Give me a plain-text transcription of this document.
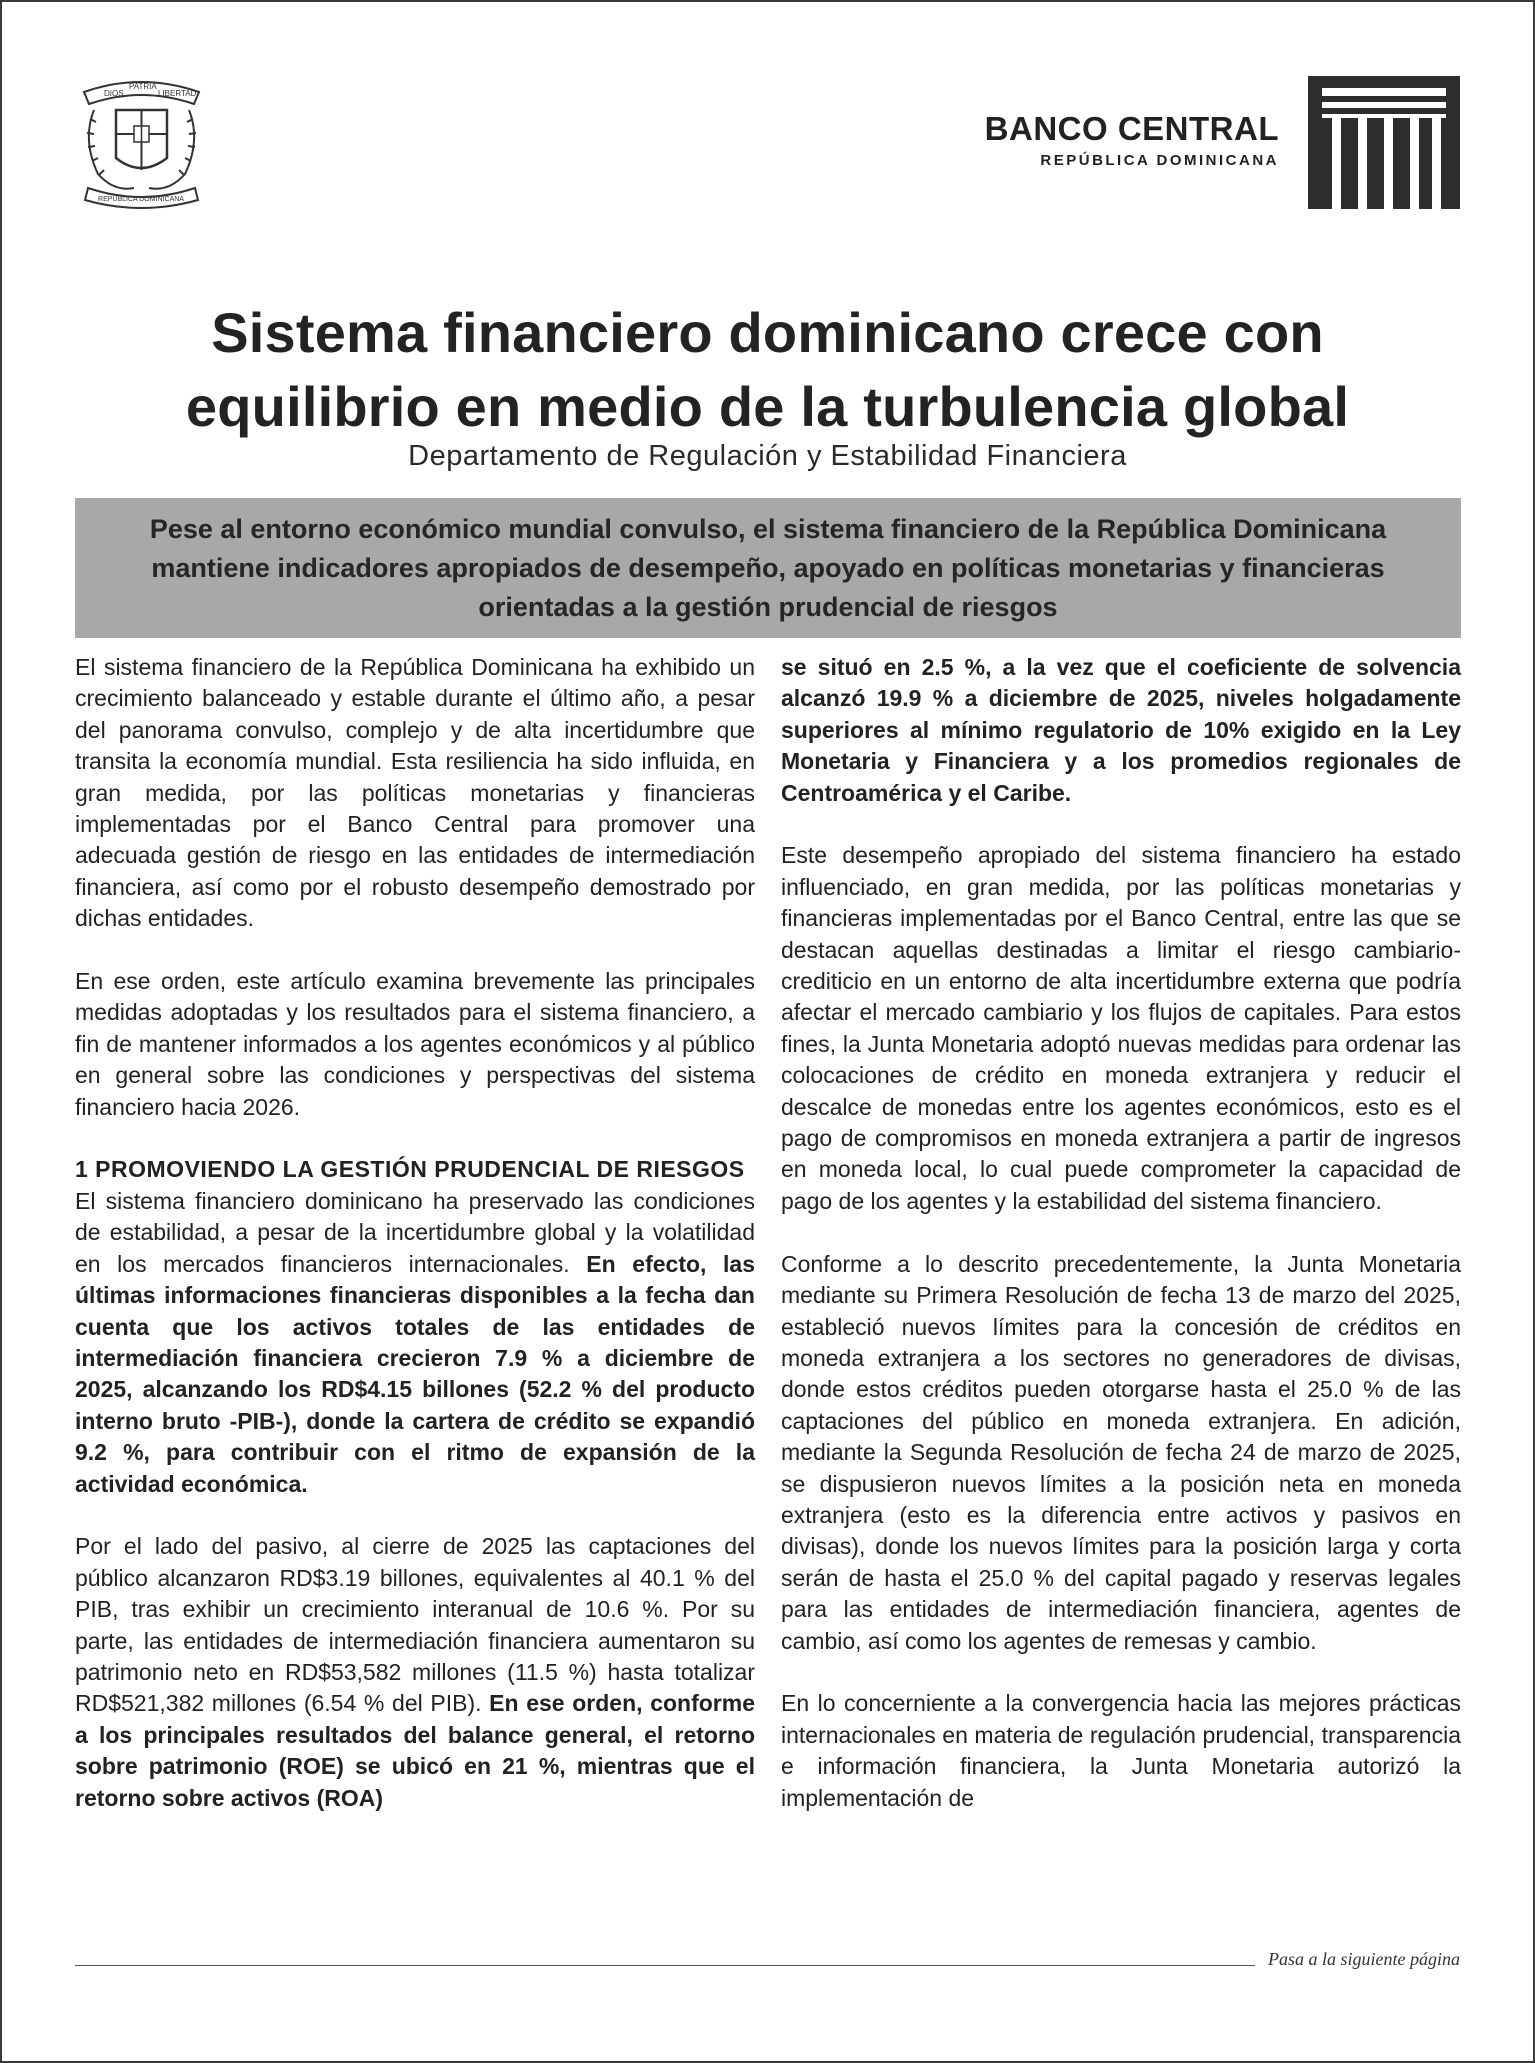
DIOS
PATRIA
LIBERTAD
REPÚBLICA DOMINICANA
BANCO CENTRAL
REPÚBLICA DOMINICANA
Sistema financiero dominicano crece con
equilibrio en medio de la turbulencia global
Departamento de Regulación y Estabilidad Financiera
Pese al entorno económico mundial convulso, el sistema financiero de la República Dominicana mantiene indicadores apropiados de desempeño, apoyado en políticas monetarias y financieras orientadas a la gestión prudencial de riesgos

El sistema financiero de la República Dominicana ha exhibido un crecimiento balanceado y estable durante el último año, a pesar del panorama convulso, complejo y de alta incertidumbre que transita la economía mundial. Esta resiliencia ha sido influida, en gran medida, por las políticas monetarias y financieras implementadas por el Banco Central para promover una adecuada gestión de riesgo en las entidades de intermediación financiera, así como por el robusto desempeño demostrado por dichas entidades.

En ese orden, este artículo examina brevemente las principales medidas adoptadas y los resultados para el sistema financiero, a fin de mantener informados a los agentes económicos y al público en general sobre las condiciones y perspectivas del sistema financiero hacia 2026.

1 PROMOVIENDO LA GESTIÓN PRUDENCIAL DE RIESGOS

El sistema financiero dominicano ha preservado las condiciones de estabilidad, a pesar de la incertidumbre global y la volatilidad en los mercados financieros internacionales. En efecto, las últimas informaciones financieras disponibles a la fecha dan cuenta que los activos totales de las entidades de intermediación financiera crecieron 7.9 % a diciembre de 2025, alcanzando los RD$4.15 billones (52.2 % del producto interno bruto -PIB-), donde la cartera de crédito se expandió 9.2 %, para contribuir con el ritmo de expansión de la actividad económica.

Por el lado del pasivo, al cierre de 2025 las captaciones del público alcanzaron RD$3.19 billones, equivalentes al 40.1 % del PIB, tras exhibir un crecimiento interanual de 10.6 %. Por su parte, las entidades de intermediación financiera aumentaron su patrimonio neto en RD$53,582 millones (11.5 %) hasta totalizar RD$521,382 millones (6.54 % del PIB). En ese orden, conforme a los principales resultados del balance general, el retorno sobre patrimonio (ROE) se ubicó en 21 %, mientras que el retorno sobre activos (ROA)

se situó en 2.5 %, a la vez que el coeficiente de solvencia alcanzó 19.9 % a diciembre de 2025, niveles holgadamente superiores al mínimo regulatorio de 10% exigido en la Ley Monetaria y Financiera y a los promedios regionales de Centroamérica y el Caribe.

Este desempeño apropiado del sistema financiero ha estado influenciado, en gran medida, por las políticas monetarias y financieras implementadas por el Banco Central, entre las que se destacan aquellas destinadas a limitar el riesgo cambiario-crediticio en un entorno de alta incertidumbre externa que podría afectar el mercado cambiario y los flujos de capitales. Para estos fines, la Junta Monetaria adoptó nuevas medidas para ordenar las colocaciones de crédito en moneda extranjera y reducir el descalce de monedas entre los agentes económicos, esto es el pago de compromisos en moneda extranjera a partir de ingresos en moneda local, lo cual puede comprometer la capacidad de pago de los agentes y la estabilidad del sistema financiero.

Conforme a lo descrito precedentemente, la Junta Monetaria mediante su Primera Resolución de fecha 13 de marzo del 2025, estableció nuevos límites para la concesión de créditos en moneda extranjera a los sectores no generadores de divisas, donde estos créditos pueden otorgarse hasta el 25.0 % de las captaciones del público en moneda extranjera. En adición, mediante la Segunda Resolución de fecha 24 de marzo de 2025, se dispusieron nuevos límites a la posición neta en moneda extranjera (esto es la diferencia entre activos y pasivos en divisas), donde los nuevos límites para la posición larga y corta serán de hasta el 25.0 % del capital pagado y reservas legales para las entidades de intermediación financiera, agentes de cambio, así como los agentes de remesas y cambio.

En lo concerniente a la convergencia hacia las mejores prácticas internacionales en materia de regulación prudencial, transparencia e información financiera, la Junta Monetaria autorizó la implementación de

Pasa a la siguiente página
